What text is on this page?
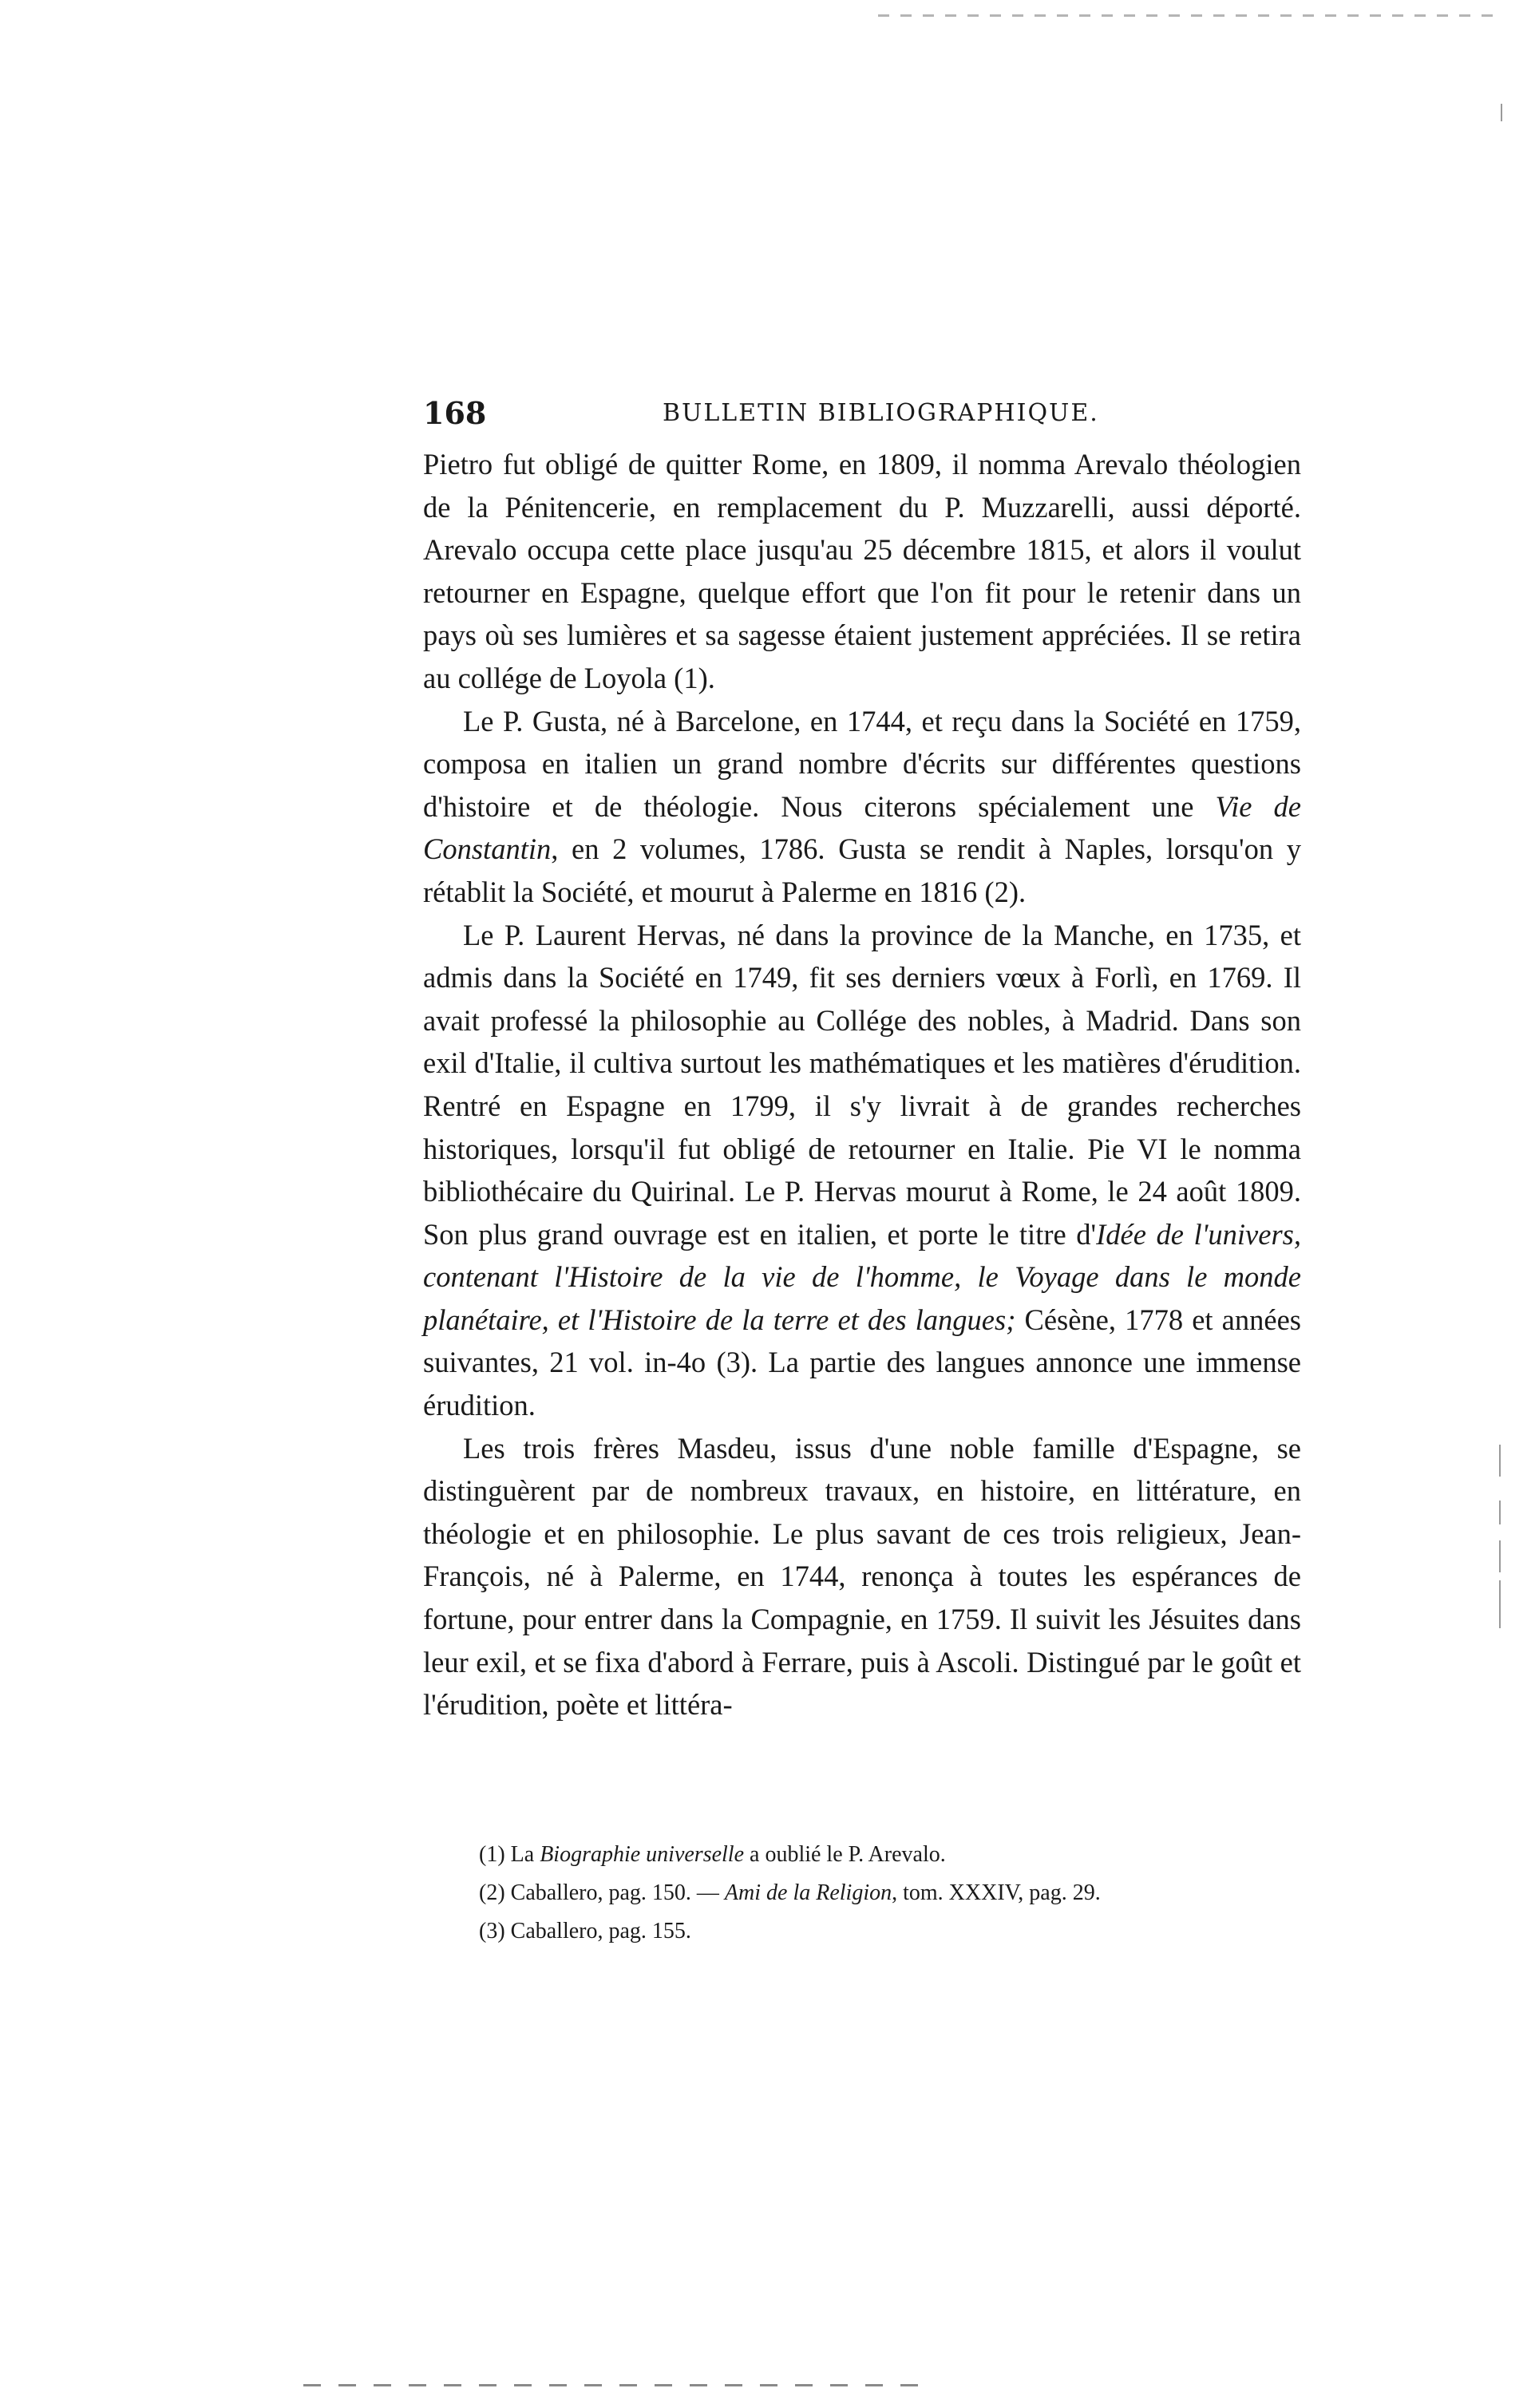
168	BULLETIN BIBLIOGRAPHIQUE.

Pietro fut obligé de quitter Rome, en 1809, il nomma Arevalo théologien de la Pénitencerie, en remplacement du P. Muzzarelli, aussi déporté. Arevalo occupa cette place jusqu'au 25 décembre 1815, et alors il voulut retourner en Espagne, quelque effort que l'on fit pour le retenir dans un pays où ses lumières et sa sagesse étaient justement appréciées. Il se retira au collége de Loyola (1).

Le P. Gusta, né à Barcelone, en 1744, et reçu dans la Société en 1759, composa en italien un grand nombre d'écrits sur différentes questions d'histoire et de théologie. Nous citerons spécialement une Vie de Constantin, en 2 volumes, 1786. Gusta se rendit à Naples, lorsqu'on y rétablit la Société, et mourut à Palerme en 1816 (2).

Le P. Laurent Hervas, né dans la province de la Manche, en 1735, et admis dans la Société en 1749, fit ses derniers vœux à Forlì, en 1769. Il avait professé la philosophie au Collége des nobles, à Madrid. Dans son exil d'Italie, il cultiva surtout les mathématiques et les matières d'érudition. Rentré en Espagne en 1799, il s'y livrait à de grandes recherches historiques, lorsqu'il fut obligé de retourner en Italie. Pie VI le nomma bibliothécaire du Quirinal. Le P. Hervas mourut à Rome, le 24 août 1809. Son plus grand ouvrage est en italien, et porte le titre d'Idée de l'univers, contenant l'Histoire de la vie de l'homme, le Voyage dans le monde planétaire, et l'Histoire de la terre et des langues; Césène, 1778 et années suivantes, 21 vol. in-4o (3). La partie des langues annonce une immense érudition.

Les trois frères Masdeu, issus d'une noble famille d'Espagne, se distinguèrent par de nombreux travaux, en histoire, en littérature, en théologie et en philosophie. Le plus savant de ces trois religieux, Jean-François, né à Palerme, en 1744, renonça à toutes les espérances de fortune, pour entrer dans la Compagnie, en 1759. Il suivit les Jésuites dans leur exil, et se fixa d'abord à Ferrare, puis à Ascoli. Distingué par le goût et l'érudition, poète et littéra-

(1) La Biographie universelle a oublié le P. Arevalo.
(2) Caballero, pag. 150. — Ami de la Religion, tom. XXXIV, pag. 29.
(3) Caballero, pag. 155.
